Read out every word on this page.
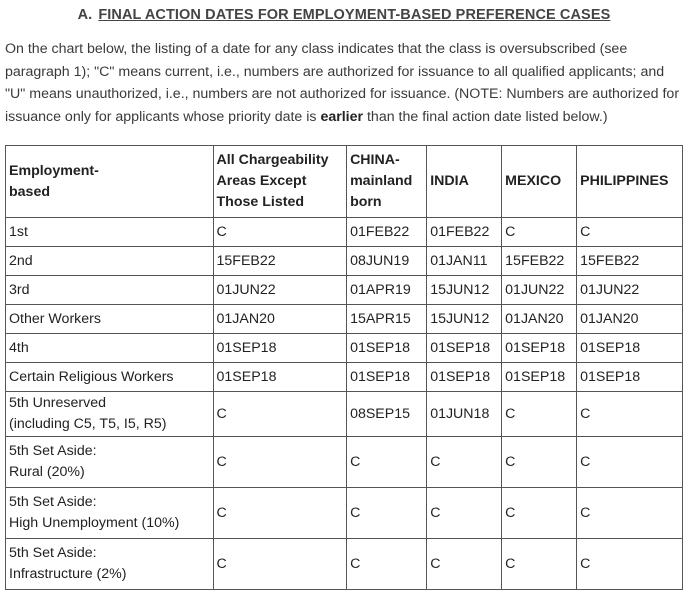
A. FINAL ACTION DATES FOR EMPLOYMENT-BASED PREFERENCE CASES

On the chart below, the listing of a date for any class indicates that the class is oversubscribed (see paragraph 1); "C" means current, i.e., numbers are authorized for issuance to all qualified applicants; and "U" means unauthorized, i.e., numbers are not authorized for issuance. (NOTE: Numbers are authorized for issuance only for applicants whose priority date is earlier than the final action date listed below.)

Employment-
based	All Chargeability
Areas Except
Those Listed	CHINA-
mainland
born	INDIA	MEXICO	PHILIPPINES
1st	C	01FEB22	01FEB22	C	C
2nd	15FEB22	08JUN19	01JAN11	15FEB22	15FEB22
3rd	01JUN22	01APR19	15JUN12	01JUN22	01JUN22
Other Workers	01JAN20	15APR15	15JUN12	01JAN20	01JAN20
4th	01SEP18	01SEP18	01SEP18	01SEP18	01SEP18
Certain Religious Workers	01SEP18	01SEP18	01SEP18	01SEP18	01SEP18
5th Unreserved
(including C5, T5, I5, R5)	C	08SEP15	01JUN18	C	C
5th Set Aside:
Rural (20%)	C	C	C	C	C
5th Set Aside:
High Unemployment (10%)	C	C	C	C	C
5th Set Aside:
Infrastructure (2%)	C	C	C	C	C
